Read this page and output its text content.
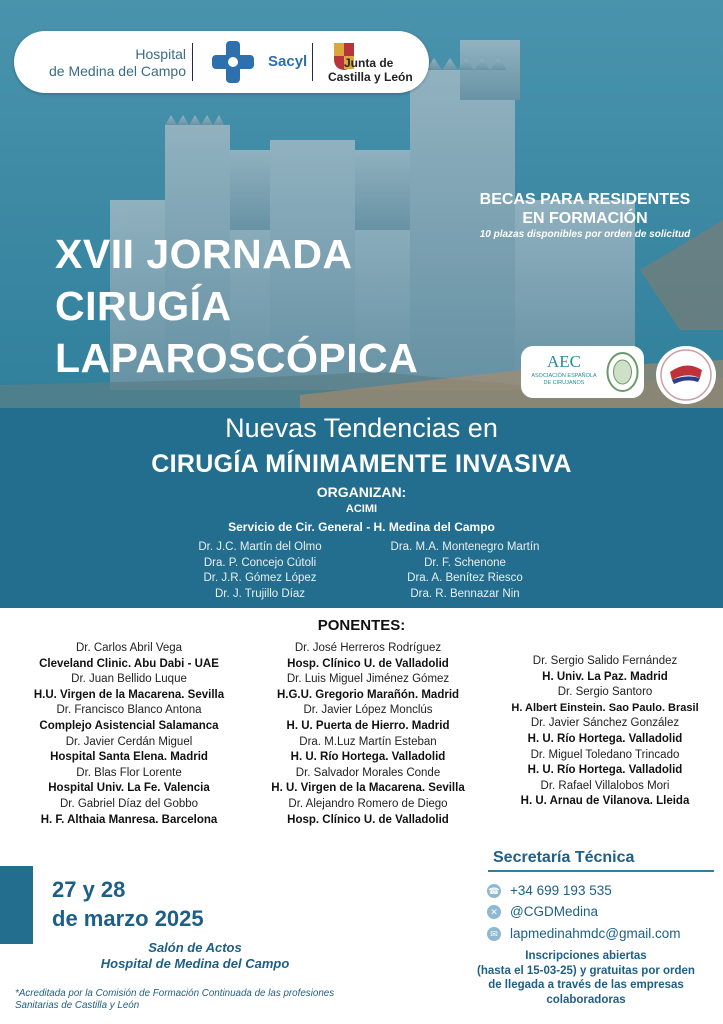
Hospital
de Medina del Campo
Sacyl	Junta de
Castilla y León
BECAS PARA RESIDENTES
EN FORMACIÓN
10 plazas disponibles por orden de solicitud
XVII JORNADA
CIRUGÍA
LAPAROSCÓPICA	AEC
ASOCIACIÓN ESPAÑOLA
DE CIRUJANOS
Nuevas Tendencias en
CIRUGÍA MÍNIMAMENTE INVASIVA
ORGANIZAN:
ACIMI
Servicio de Cir. General - H. Medina del Campo
Dr. J.C. Martín del Olmo
Dra. P. Concejo Cútoli
Dr. J.R. Gómez López
Dr. J. Trujillo Díaz
Dra. M.A. Montenegro Martín
Dr. F. Schenone
Dra. A. Benítez Riesco
Dra. R. Bennazar Nin
PONENTES:
Dr. Carlos Abril Vega
Cleveland Clinic. Abu Dabi - UAE
Dr. Juan Bellido Luque
H.U. Virgen de la Macarena. Sevilla
Dr. Francisco Blanco Antona
Complejo Asistencial Salamanca
Dr. Javier Cerdán Miguel
Hospital Santa Elena. Madrid
Dr. Blas Flor Lorente
Hospital Univ. La Fe. Valencia
Dr. Gabriel Díaz del Gobbo
H. F. Althaia Manresa. Barcelona
Dr. José Herreros Rodríguez
Hosp. Clínico U. de Valladolid
Dr. Luis Miguel Jiménez Gómez
H.G.U. Gregorio Marañón. Madrid
Dr. Javier López Monclús
H. U. Puerta de Hierro. Madrid
Dra. M.Luz Martín Esteban
H. U. Río Hortega. Valladolid
Dr. Salvador Morales Conde
H. U. Virgen de la Macarena. Sevilla
Dr. Alejandro Romero de Diego
Hosp. Clínico U. de Valladolid
Dr. Sergio Salido Fernández
H. Univ. La Paz. Madrid
Dr. Sergio Santoro
H. Albert Einstein. Sao Paulo. Brasil
Dr. Javier Sánchez González
H. U. Río Hortega. Valladolid
Dr. Miguel Toledano Trincado
H. U. Río Hortega. Valladolid
Dr. Rafael Villalobos Mori
H. U. Arnau de Vilanova. Lleida
27 y 28
de marzo 2025
Salón de Actos
Hospital de Medina del Campo
*Acreditada por la Comisión de Formación Continuada de las profesiones Sanitarias de Castilla y León
Secretaría Técnica
☎ +34 699 193 535
✕ @CGDMedina
✉ lapmedinahmdc@gmail.com
Inscripciones abiertas
(hasta el 15-03-25) y gratuitas por orden
de llegada a través de las empresas
colaboradoras
